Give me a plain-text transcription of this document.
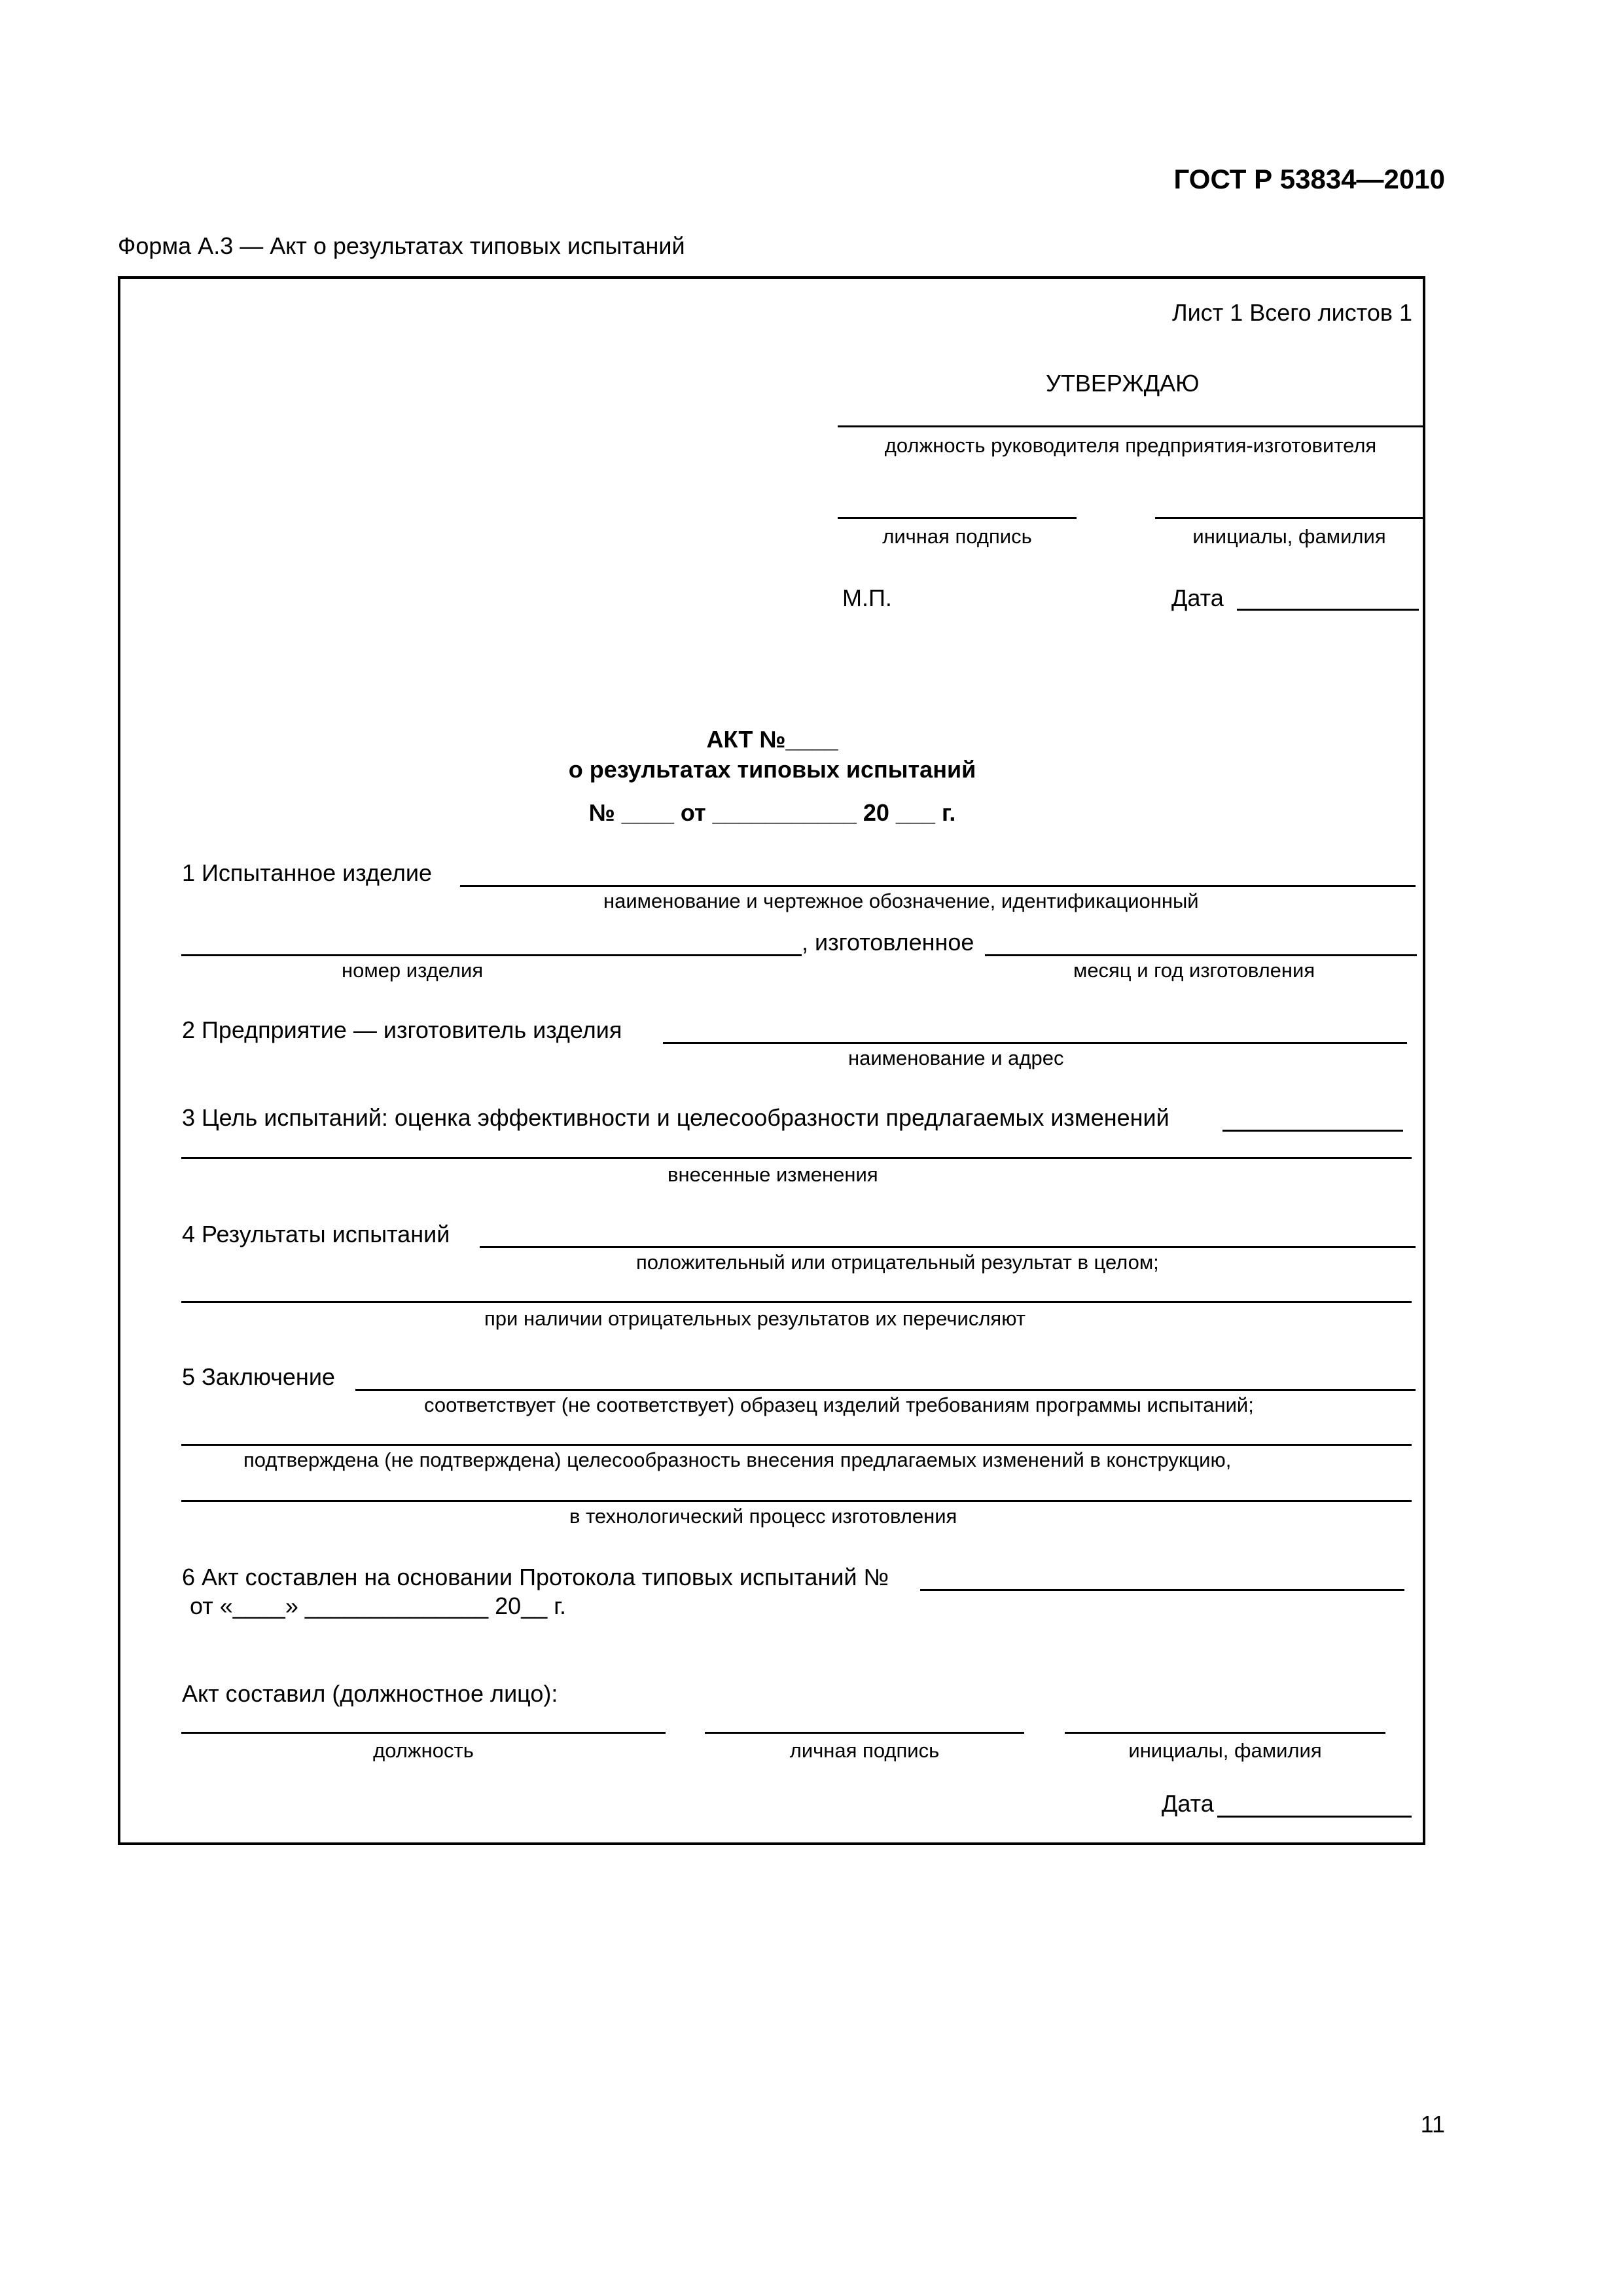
ГОСТ Р 53834—2010
Форма А.3 — Акт о результатах типовых испытаний
Лист 1 Всего листов 1
УТВЕРЖДАЮ
должность руководителя предприятия-изготовителя
личная подпись	инициалы, фамилия
М.П.	Дата
АКТ №____
о результатах типовых испытаний
№ ____ от ___________ 20 ___ г.
1 Испытанное изделие
наименование и чертежное обозначение, идентификационный
, изготовленное
номер изделия	месяц и год изготовления
2 Предприятие — изготовитель изделия
наименование и адрес
3 Цель испытаний: оценка эффективности и целесообразности предлагаемых изменений
внесенные изменения
4 Результаты испытаний
положительный или отрицательный результат в целом;
при наличии отрицательных результатов их перечисляют
5 Заключение
соответствует (не соответствует) образец изделий требованиям программы испытаний;
подтверждена (не подтверждена) целесообразность внесения предлагаемых изменений в конструкцию,
в технологический процесс изготовления
6 Акт составлен на основании Протокола типовых испытаний №
от «____» ______________ 20__ г.
Акт составил (должностное лицо):
должность	личная подпись	инициалы, фамилия
Дата
11
